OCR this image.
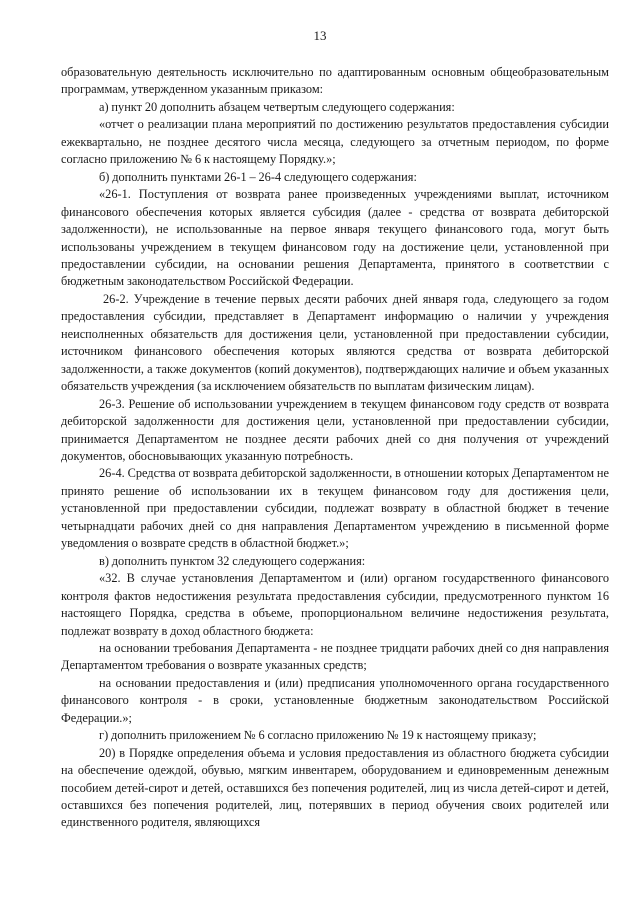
13

образовательную деятельность исключительно по адаптированным основным общеобразовательным программам, утвержденном указанным приказом:

а) пункт 20 дополнить абзацем четвертым следующего содержания:

«отчет о реализации плана мероприятий по достижению результатов предоставления субсидии ежеквартально, не позднее десятого числа месяца, следующего за отчетным периодом, по форме согласно приложению № 6 к настоящему Порядку.»;

б) дополнить пунктами 26-1 – 26-4 следующего содержания:

«26-1. Поступления от возврата ранее произведенных учреждениями выплат, источником финансового обеспечения которых является субсидия (далее - средства от возврата дебиторской задолженности), не использованные на первое января текущего финансового года, могут быть использованы учреждением в текущем финансовом году на достижение цели, установленной при предоставлении субсидии, на основании решения Департамента, принятого в соответствии с бюджетным законодательством Российской Федерации.

26-2. Учреждение в течение первых десяти рабочих дней января года, следующего за годом предоставления субсидии, представляет в Департамент информацию о наличии у учреждения неисполненных обязательств для достижения цели, установленной при предоставлении субсидии, источником финансового обеспечения которых являются средства от возврата дебиторской задолженности, а также документов (копий документов), подтверждающих наличие и объем указанных обязательств учреждения (за исключением обязательств по выплатам физическим лицам).

26-3. Решение об использовании учреждением в текущем финансовом году средств от возврата дебиторской задолженности для достижения цели, установленной при предоставлении субсидии, принимается Департаментом не позднее десяти рабочих дней со дня получения от учреждений документов, обосновывающих указанную потребность.

26-4. Средства от возврата дебиторской задолженности, в отношении которых Департаментом не принято решение об использовании их в текущем финансовом году для достижения цели, установленной при предоставлении субсидии, подлежат возврату в областной бюджет в течение четырнадцати рабочих дней со дня направления Департаментом учреждению в письменной форме уведомления о возврате средств в областной бюджет.»;

в) дополнить пунктом 32 следующего содержания:

«32. В случае установления Департаментом и (или) органом государственного финансового контроля фактов недостижения результата предоставления субсидии, предусмотренного пунктом 16 настоящего Порядка, средства в объеме, пропорциональном величине недостижения результата, подлежат возврату в доход областного бюджета:

на основании требования Департамента - не позднее тридцати рабочих дней со дня направления Департаментом требования о возврате указанных средств;

на основании предоставления и (или) предписания уполномоченного органа государственного финансового контроля - в сроки, установленные бюджетным законодательством Российской Федерации.»;

г) дополнить приложением № 6 согласно приложению № 19 к настоящему приказу;

20) в Порядке определения объема и условия предоставления из областного бюджета субсидии на обеспечение одеждой, обувью, мягким инвентарем, оборудованием и единовременным денежным пособием детей-сирот и детей, оставшихся без попечения родителей, лиц из числа детей-сирот и детей, оставшихся без попечения родителей, лиц, потерявших в период обучения своих родителей или единственного родителя, являющихся
